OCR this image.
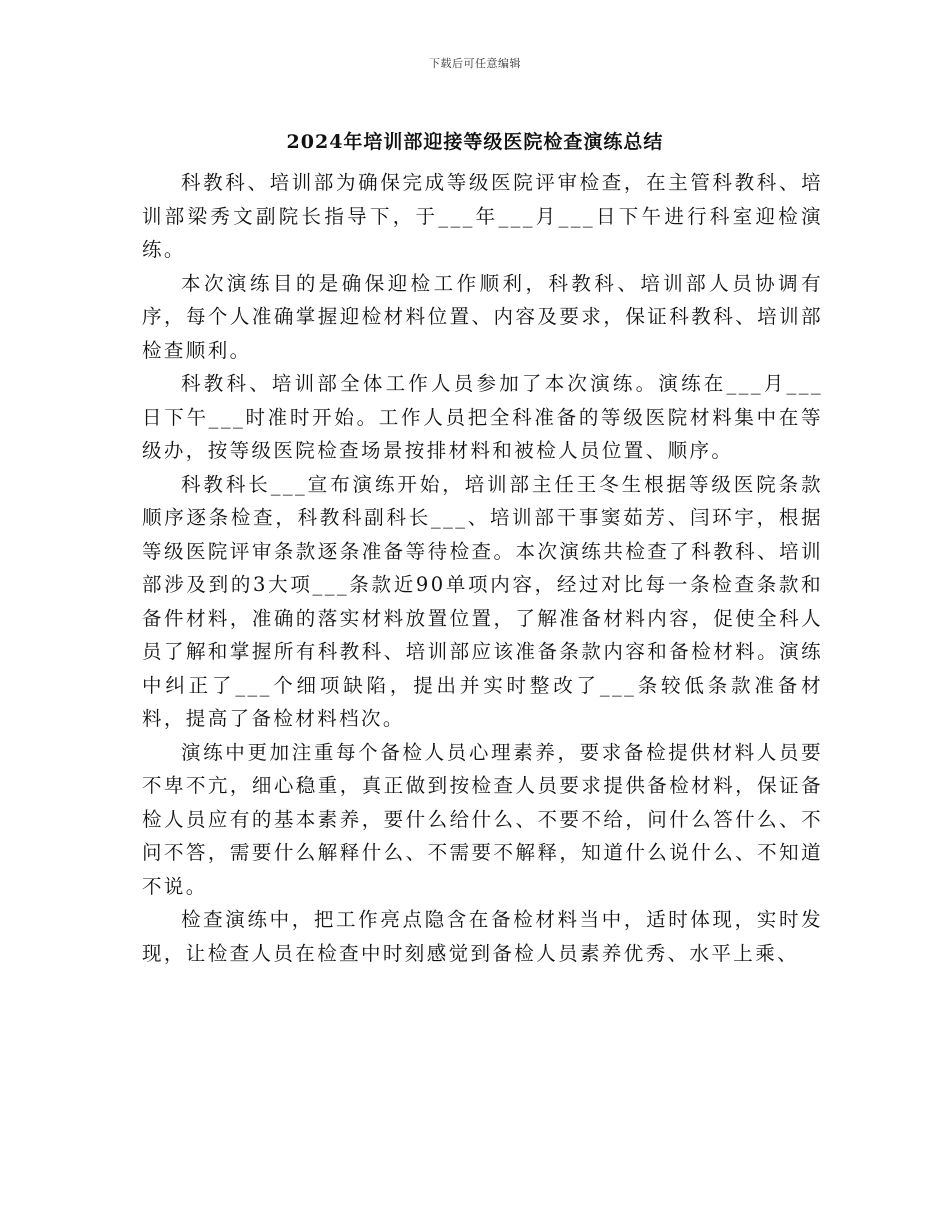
下载后可任意编辑
2024年培训部迎接等级医院检查演练总结

科教科、培训部为确保完成等级医院评审检查，在主管科教科、培训部梁秀文副院长指导下，于___年___月___日下午进行科室迎检演练。

本次演练目的是确保迎检工作顺利，科教科、培训部人员协调有序，每个人准确掌握迎检材料位置、内容及要求，保证科教科、培训部检查顺利。

科教科、培训部全体工作人员参加了本次演练。演练在___月___日下午___时准时开始。工作人员把全科准备的等级医院材料集中在等级办，按等级医院检查场景按排材料和被检人员位置、顺序。

科教科长___宣布演练开始，培训部主任王冬生根据等级医院条款顺序逐条检查，科教科副科长___、培训部干事窦茹芳、闫环宇，根据等级医院评审条款逐条准备等待检查。本次演练共检查了科教科、培训部涉及到的3大项___条款近90单项内容，经过对比每一条检查条款和备件材料，准确的落实材料放置位置，了解准备材料内容，促使全科人员了解和掌握所有科教科、培训部应该准备条款内容和备检材料。演练中纠正了___个细项缺陷，提出并实时整改了___条较低条款准备材料，提高了备检材料档次。

演练中更加注重每个备检人员心理素养，要求备检提供材料人员要不卑不亢，细心稳重，真正做到按检查人员要求提供备检材料，保证备检人员应有的基本素养，要什么给什么、不要不给，问什么答什么、不问不答，需要什么解释什么、不需要不解释，知道什么说什么、不知道不说。

检查演练中，把工作亮点隐含在备检材料当中，适时体现，实时发现，让检查人员在检查中时刻感觉到备检人员素养优秀、水平上乘、
